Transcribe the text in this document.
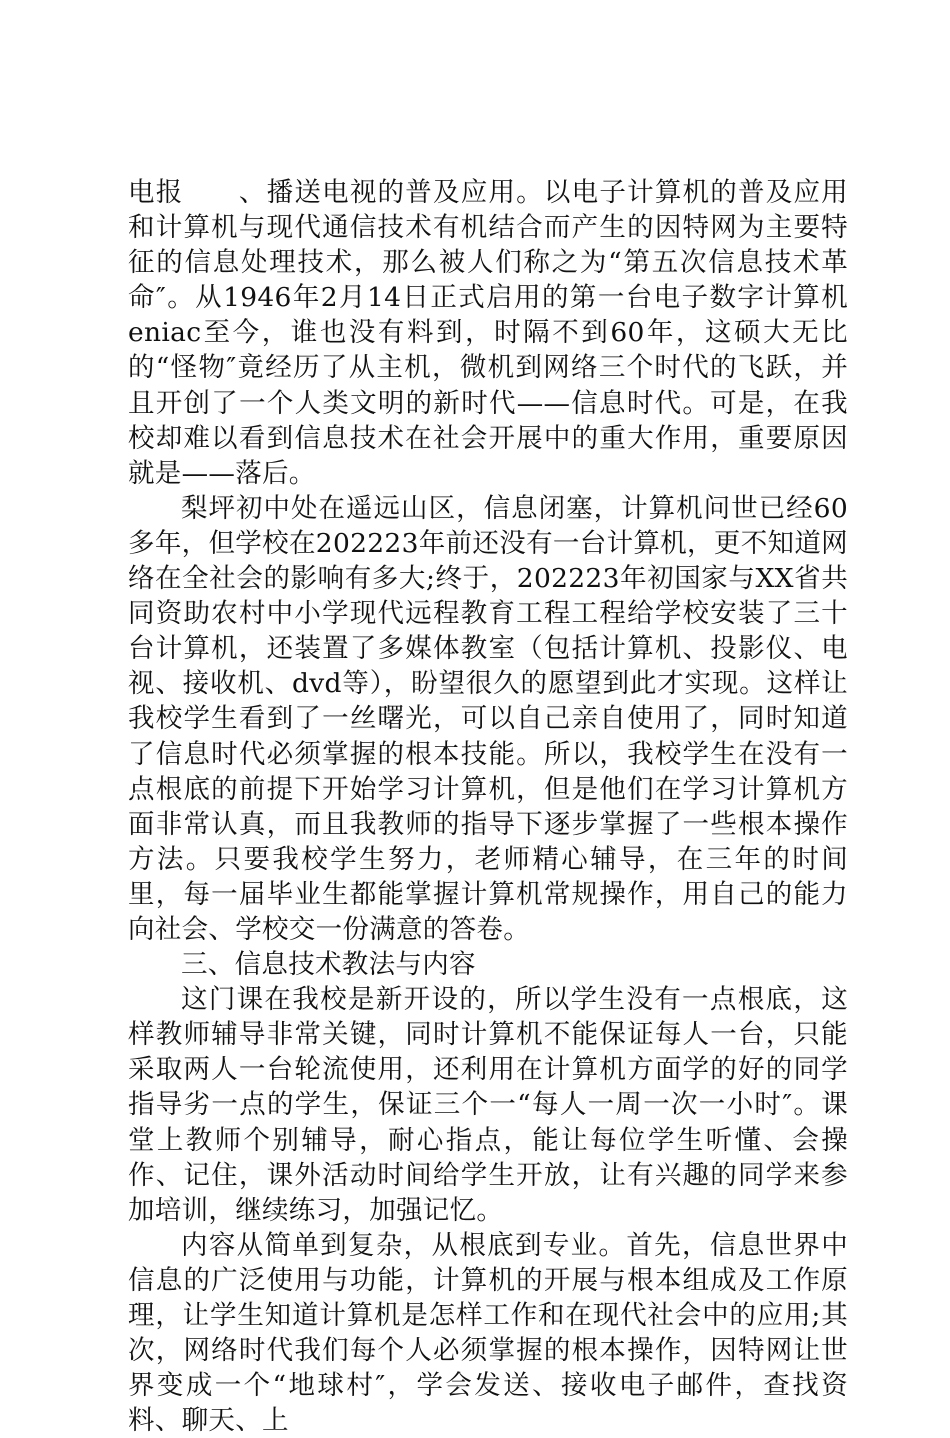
电报　　、播送电视的普及应用。以电子计算机的普及应用和计算机与现代通信技术有机结合而产生的因特网为主要特征的信息处理技术，那么被人们称之为“第五次信息技术革命″。从1946年2月14日正式启用的第一台电子数字计算机eniac至今，谁也没有料到，时隔不到60年，这硕大无比的“怪物″竟经历了从主机，微机到网络三个时代的飞跃，并且开创了一个人类文明的新时代——信息时代。可是，在我校却难以看到信息技术在社会开展中的重大作用，重要原因就是——落后。

梨坪初中处在遥远山区，信息闭塞，计算机问世已经60多年，但学校在202223年前还没有一台计算机，更不知道网络在全社会的影响有多大;终于，202223年初国家与XX省共同资助农村中小学现代远程教育工程工程给学校安装了三十台计算机，还装置了多媒体教室（包括计算机、投影仪、电视、接收机、dvd等），盼望很久的愿望到此才实现。这样让我校学生看到了一丝曙光，可以自己亲自使用了，同时知道了信息时代必须掌握的根本技能。所以，我校学生在没有一点根底的前提下开始学习计算机，但是他们在学习计算机方面非常认真，而且我教师的指导下逐步掌握了一些根本操作方法。只要我校学生努力，老师精心辅导，在三年的时间里，每一届毕业生都能掌握计算机常规操作，用自己的能力向社会、学校交一份满意的答卷。

三、信息技术教法与内容

这门课在我校是新开设的，所以学生没有一点根底，这样教师辅导非常关键，同时计算机不能保证每人一台，只能采取两人一台轮流使用，还利用在计算机方面学的好的同学指导劣一点的学生，保证三个一“每人一周一次一小时″。课堂上教师个别辅导，耐心指点，能让每位学生听懂、会操作、记住，课外活动时间给学生开放，让有兴趣的同学来参加培训，继续练习，加强记忆。

内容从简单到复杂，从根底到专业。首先，信息世界中信息的广泛使用与功能，计算机的开展与根本组成及工作原理，让学生知道计算机是怎样工作和在现代社会中的应用;其次，网络时代我们每个人必须掌握的根本操作，因特网让世界变成一个“地球村″，学会发送、接收电子邮件，查找资料、聊天、上
